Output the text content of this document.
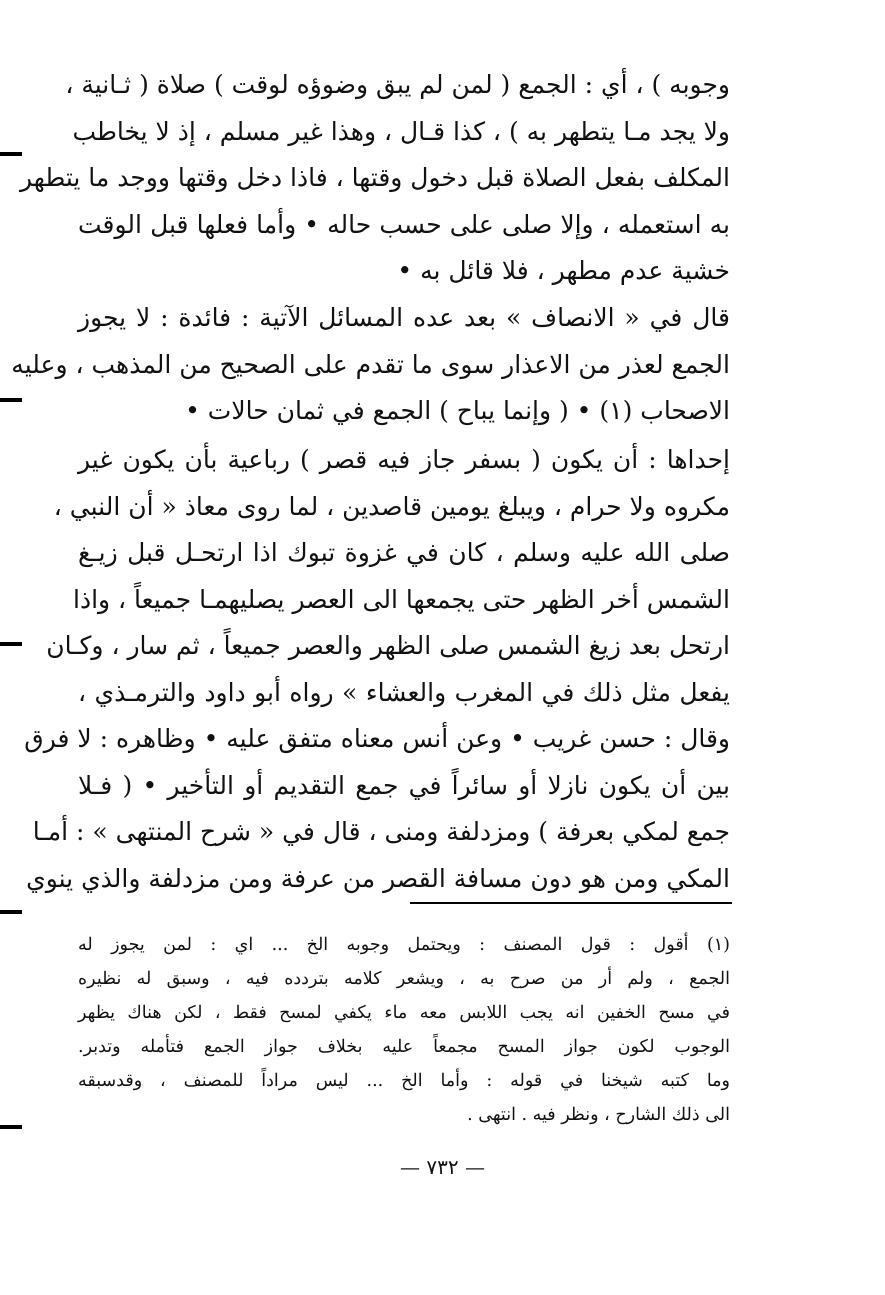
وجوبه ) ، أي : الجمع ( لمن لم يبق وضوؤه لوقت ) صلاة ( ثـانية ،
ولا يجد مـا يتطهر به ) ، كذا قـال ، وهذا غير مسلم ، إذ لا يخاطب
المكلف بفعل الصلاة قبل دخول وقتها ، فاذا دخل وقتها ووجد ما يتطهر
به استعمله ، وإلا صلى على حسب حاله • وأما فعلها قبل الوقت
خشية عدم مطهر ، فلا قائل به •
قال في « الانصاف » بعد عده المسائل الآتية : فائدة : لا يجوز
الجمع لعذر من الاعذار سوى ما تقدم على الصحيح من المذهب ، وعليه
الاصحاب (١) • ( وإنما يباح ) الجمع في ثمان حالات •
إحداها : أن يكون ( بسفر جاز فيه قصر ) رباعية بأن يكون غير
مكروه ولا حرام ، ويبلغ يومين قاصدين ، لما روى معاذ « أن النبي ،
صلى الله عليه وسلم ، كان في غزوة تبوك اذا ارتحـل قبل زيـغ
الشمس أخر الظهر حتى يجمعها الى العصر يصليهمـا جميعاً ، واذا
ارتحل بعد زيغ الشمس صلى الظهر والعصر جميعاً ، ثم سار ، وكـان
يفعل مثل ذلك في المغرب والعشاء » رواه أبو داود والترمـذي ،
وقال : حسن غريب • وعن أنس معناه متفق عليه • وظاهره : لا فرق
بين أن يكون نازلا أو سائراً في جمع التقديم أو التأخير • ( فـلا
جمع لمكي بعرفة ) ومزدلفة ومنى ، قال في « شرح المنتهى » : أمـا
المكي ومن هو دون مسافة القصر من عرفة ومن مزدلفة والذي ينوي
(١) أقول : قول المصنف : ويحتمل وجوبه الخ ... اي : لمن يجوز له
الجمع ، ولم أر من صرح به ، ويشعر كلامه بتردده فيه ، وسبق له نظيره
في مسح الخفين انه يجب اللابس معه ماء يكفي لمسح فقط ، لكن هناك يظهر
الوجوب لكون جواز المسح مجمعاً عليه بخلاف جواز الجمع فتأمله وتدبر.
وما كتبه شيخنا في قوله : وأما الخ ... ليس مراداً للمصنف ، وقدسبقه
الى ذلك الشارح ، ونظر فيه . انتهى .
— ٧٣٢ —
